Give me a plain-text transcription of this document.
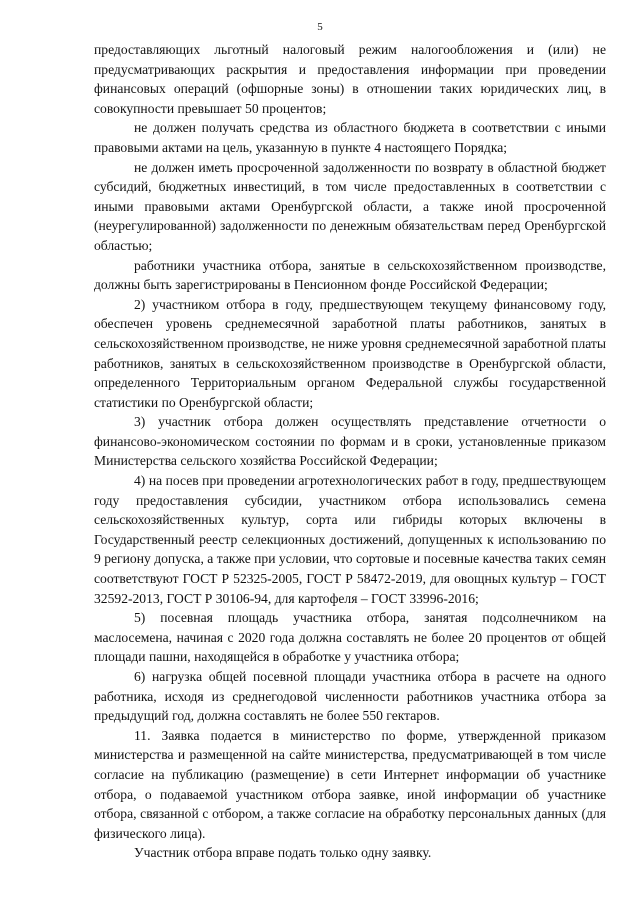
5

предоставляющих льготный налоговый режим налогообложения и (или) не предусматривающих раскрытия и предоставления информации при проведении финансовых операций (офшорные зоны) в отношении таких юридических лиц, в совокупности превышает 50 процентов;

не должен получать средства из областного бюджета в соответствии с иными правовыми актами на цель, указанную в пункте 4 настоящего Порядка;

не должен иметь просроченной задолженности по возврату в областной бюджет субсидий, бюджетных инвестиций, в том числе предоставленных в соответствии с иными правовыми актами Оренбургской области, а также иной просроченной (неурегулированной) задолженности по денежным обязательствам перед Оренбургской областью;

работники участника отбора, занятые в сельскохозяйственном производстве, должны быть зарегистрированы в Пенсионном фонде Российской Федерации;

2) участником отбора в году, предшествующем текущему финансовому году, обеспечен уровень среднемесячной заработной платы работников, занятых в сельскохозяйственном производстве, не ниже уровня среднемесячной заработной платы работников, занятых в сельскохозяйственном производстве в Оренбургской области, определенного Территориальным органом Федеральной службы государственной статистики по Оренбургской области;

3) участник отбора должен осуществлять представление отчетности о финансово-экономическом состоянии по формам и в сроки, установленные приказом Министерства сельского хозяйства Российской Федерации;

4) на посев при проведении агротехнологических работ в году, предшествующем году предоставления субсидии, участником отбора использовались семена сельскохозяйственных культур, сорта или гибриды которых включены в Государственный реестр селекционных достижений, допущенных к использованию по 9 региону допуска, а также при условии, что сортовые и посевные качества таких семян соответствуют ГОСТ Р 52325-2005, ГОСТ Р 58472-2019, для овощных культур – ГОСТ 32592-2013, ГОСТ Р 30106-94, для картофеля – ГОСТ 33996-2016;

5) посевная площадь участника отбора, занятая подсолнечником на маслосемена, начиная с 2020 года должна составлять не более 20 процентов от общей площади пашни, находящейся в обработке у участника отбора;

6) нагрузка общей посевной площади участника отбора в расчете на одного работника, исходя из среднегодовой численности работников участника отбора за предыдущий год, должна составлять не более 550 гектаров.

11. Заявка подается в министерство по форме, утвержденной приказом министерства и размещенной на сайте министерства, предусматривающей в том числе согласие на публикацию (размещение) в сети Интернет информации об участнике отбора, о подаваемой участником отбора заявке, иной информации об участнике отбора, связанной с отбором, а также согласие на обработку персональных данных (для физического лица).

Участник отбора вправе подать только одну заявку.
